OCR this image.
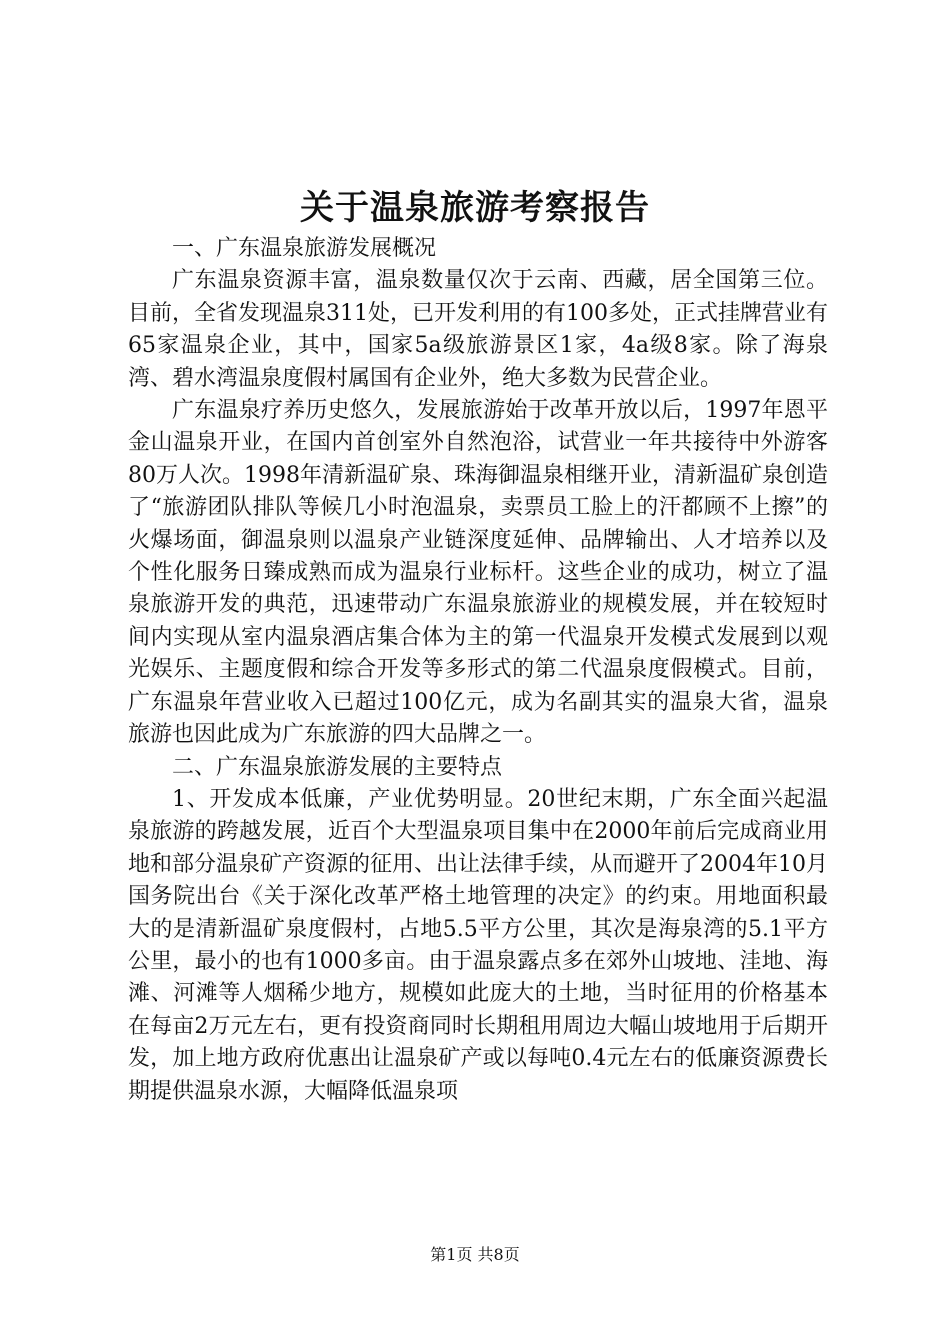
关于温泉旅游考察报告

一、广东温泉旅游发展概况

广东温泉资源丰富，温泉数量仅次于云南、西藏，居全国第三位。目前，全省发现温泉311处，已开发利用的有100多处，正式挂牌营业有65家温泉企业，其中，国家5a级旅游景区1家，4a级8家。除了海泉湾、碧水湾温泉度假村属国有企业外，绝大多数为民营企业。

广东温泉疗养历史悠久，发展旅游始于改革开放以后，1997年恩平金山温泉开业，在国内首创室外自然泡浴，试营业一年共接待中外游客80万人次。1998年清新温矿泉、珠海御温泉相继开业，清新温矿泉创造了“旅游团队排队等候几小时泡温泉，卖票员工脸上的汗都顾不上擦”的火爆场面，御温泉则以温泉产业链深度延伸、品牌输出、人才培养以及个性化服务日臻成熟而成为温泉行业标杆。这些企业的成功，树立了温泉旅游开发的典范，迅速带动广东温泉旅游业的规模发展，并在较短时间内实现从室内温泉酒店集合体为主的第一代温泉开发模式发展到以观光娱乐、主题度假和综合开发等多形式的第二代温泉度假模式。目前，广东温泉年营业收入已超过100亿元，成为名副其实的温泉大省，温泉旅游也因此成为广东旅游的四大品牌之一。

二、广东温泉旅游发展的主要特点

1、开发成本低廉，产业优势明显。20世纪末期，广东全面兴起温泉旅游的跨越发展，近百个大型温泉项目集中在2000年前后完成商业用地和部分温泉矿产资源的征用、出让法律手续，从而避开了2004年10月国务院出台《关于深化改革严格土地管理的决定》的约束。用地面积最大的是清新温矿泉度假村，占地5.5平方公里，其次是海泉湾的5.1平方公里，最小的也有1000多亩。由于温泉露点多在郊外山坡地、洼地、海滩、河滩等人烟稀少地方，规模如此庞大的土地，当时征用的价格基本在每亩2万元左右，更有投资商同时长期租用周边大幅山坡地用于后期开发，加上地方政府优惠出让温泉矿产或以每吨0.4元左右的低廉资源费长期提供温泉水源，大幅降低温泉项

第1页 共8页
